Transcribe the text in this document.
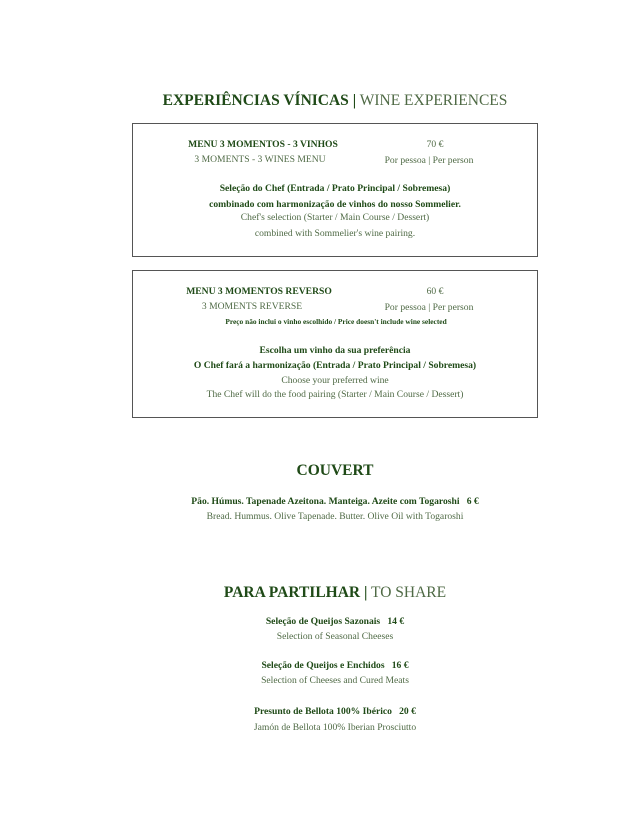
EXPERIÊNCIAS VÍNICAS | WINE EXPERIENCES
MENU 3 MOMENTOS - 3 VINHOS
3 MOMENTS - 3 WINES MENU
70 €
Por pessoa | Per person
Seleção do Chef (Entrada / Prato Principal / Sobremesa)
combinado com harmonização de vinhos do nosso Sommelier.
Chef's selection (Starter / Main Course / Dessert)
combined with Sommelier's wine pairing.
MENU 3 MOMENTOS REVERSO
3 MOMENTS REVERSE
60 €
Por pessoa | Per person
Preço não inclui o vinho escolhido / Price doesn't include wine selected
Escolha um vinho da sua preferência
O Chef fará a harmonização (Entrada / Prato Principal / Sobremesa)
Choose your preferred wine
The Chef will do the food pairing (Starter / Main Course / Dessert)
COUVERT
Pão. Húmus. Tapenade Azeitona. Manteiga. Azeite com Togaroshi   6 €
Bread. Hummus. Olive Tapenade. Butter. Olive Oil with Togaroshi
PARA PARTILHAR | TO SHARE
Seleção de Queijos Sazonais   14 €
Selection of Seasonal Cheeses
Seleção de Queijos e Enchidos   16 €
Selection of Cheeses and Cured Meats
Presunto de Bellota 100% Ibérico   20 €
Jamón de Bellota 100% Iberian Prosciutto
